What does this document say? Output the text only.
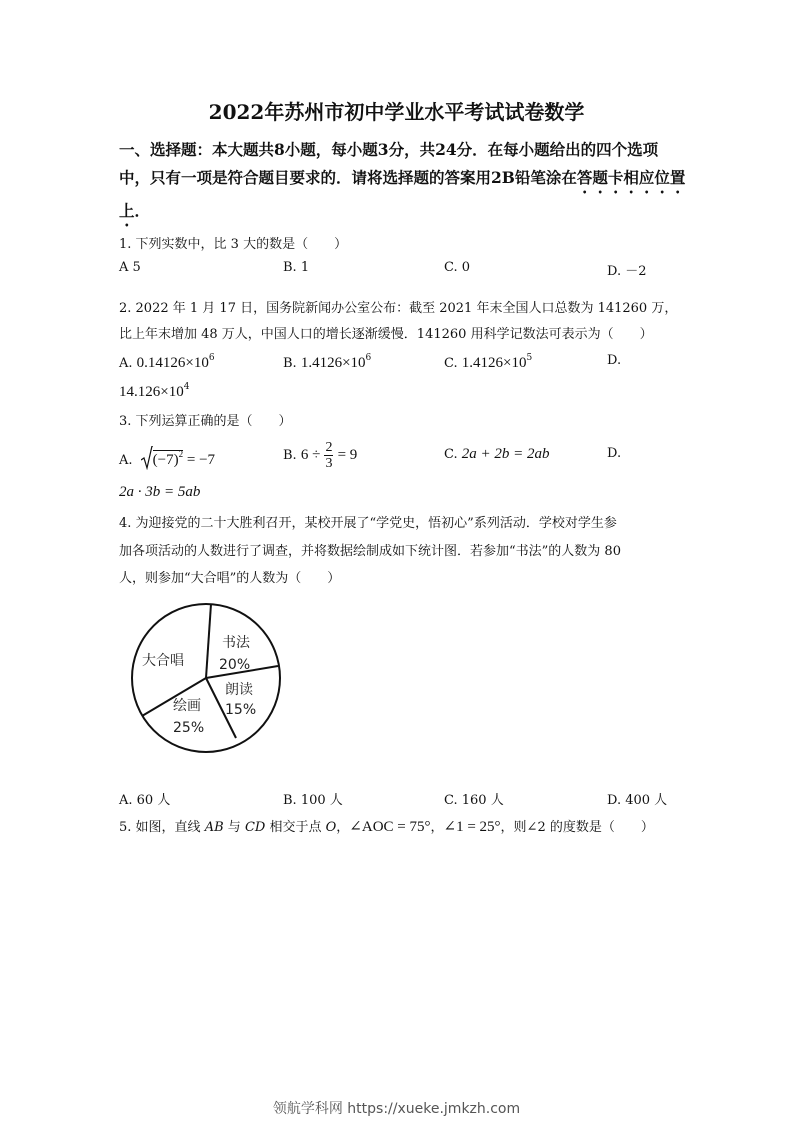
2022年苏州市初中学业水平考试试卷数学
一、选择题：本大题共8小题，每小题3分，共24分．在每小题给出的四个选项中，只有一项是符合题目要求的．请将选择题的答案用2B铅笔涂在答题卡相应位置上．
1. 下列实数中，比 3 大的数是（　　）
A 5	B. 1	C. 0	D. －2
2. 2022 年 1 月 17 日，国务院新闻办公室公布：截至 2021 年末全国人口总数为 141260 万，
比上年末增加 48 万人，中国人口的增长逐渐缓慢．141260 用科学记数法可表示为（　　）
A. $0.14126\times 10^6$	B. $1.4126\times 10^6$	C. $1.4126\times 10^5$	D.
$14.126\times 10^4$
3. 下列运算正确的是（　　）
A. $(-7)^2 = -7$	B. $6 \div \frac{2}{3} = 9$	C. 2a + 2b = 2ab	D.
2a · 3b = 5ab
4. 为迎接党的二十大胜利召开，某校开展了“学党史，悟初心”系列活动．学校对学生参
加各项活动的人数进行了调查，并将数据绘制成如下统计图．若参加“书法”的人数为 80
人，则参加“大合唱”的人数为（　　）
书法
20%
朗读
15%
绘画
25%
大合唱
A. 60 人	B. 100 人	C. 160 人	D. 400 人
5. 如图，直线 AB 与 CD 相交于点 O，∠AOC = 75°，∠1 = 25°，则∠2 的度数是（　　）
领航学科网 https://xueke.jmkzh.com
